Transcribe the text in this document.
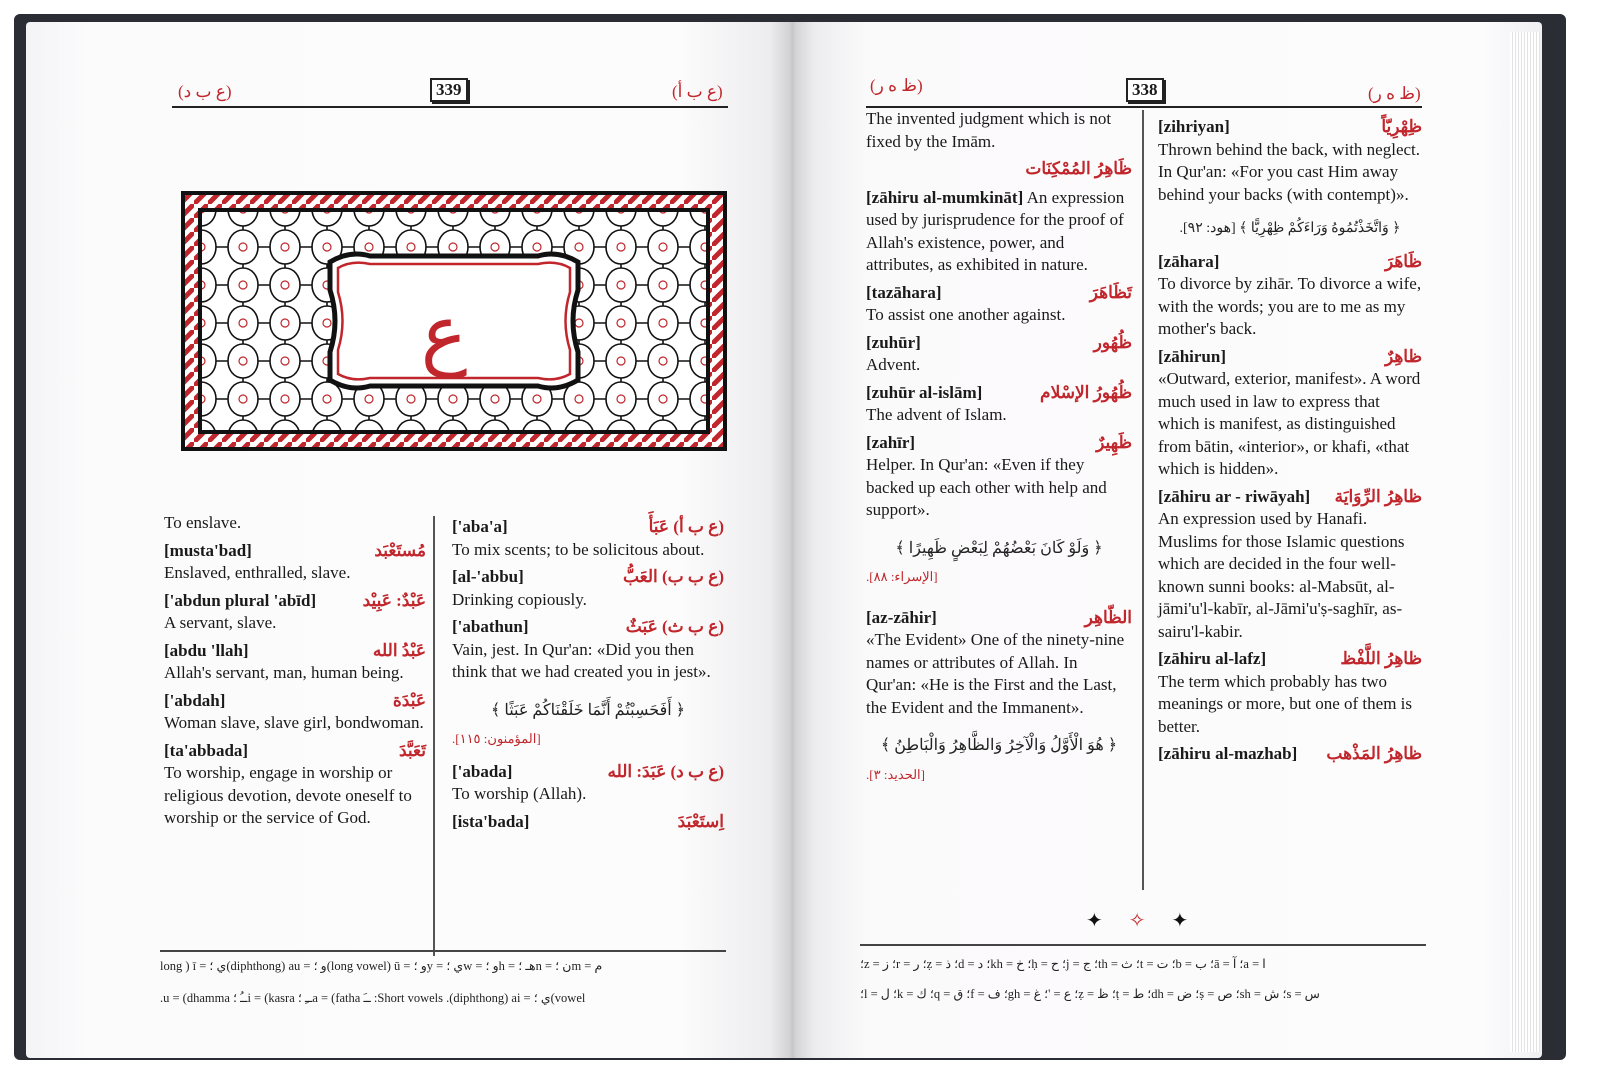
(ع ب د)	339	(ع ب أ)
ع

To enslave.

[musta'bad]	مُستَعْبَد

Enslaved, enthralled, slave.

['abdun plural 'abīd]	عَبْدٌ: عَبِيْد

A servant, slave.

[abdu 'llah]	عَبْدُ الله

Allah's servant, man, human being.

['abdah]	عَبْدَة

Woman slave, slave girl, bondwoman.

[ta'abbada]	تَعَبَّدَ

To worship, engage in worship or religious devotion, devote oneself to worship or the service of God.

['aba'a]	(ع ب أ) عَبَأَ

To mix scents; to be solicitous about.

[al-'abbu]	(ع ب ب) العَبُّ

Drinking copiously.

['abathun]	(ع ب ث) عَبَثٌ

Vain, jest. In Qur'an: «Did you then think that we had created you in jest».

﴿ أَفَحَسِبْتُمْ أَنَّمَا خَلَقْنَاكُمْ عَبَثًا ﴾
[المؤمنون: ١١٥].
['abada]	(ع ب د) عَبَدَ: الله

To worship (Allah).

[ista'bada]	اِستَعْبَدَ
long ) ī = ي ؛(diphthong) au = و ؛(long vowel) ū = و ؛y = ي ؛w = و ؛h = هـ ؛n = ن ؛m = م
.u = (dhamma ــُ ؛i = (kasra ــِ ؛a = (fatha ــَ :Short vowels .(diphthong) ai = ي ؛(vowel
(ظ ه ر)	338	(ظ ه ر)

The invented judgment which is not fixed by the Imām.

ظَاهِرُ المُمْكِنَات

[zāhiru al-mumkināt] An expression used by jurisprudence for the proof of Allah's existence, power, and attributes, as exhibited in nature.

[tazāhara]	تَظَاهَرَ

To assist one another against.

[zuhūr]	ظُهُور

Advent.

[zuhūr al-islām]	ظُهُورُ الإسْلام

The advent of Islam.

[zahīr]	ظَهِيرٌ

Helper. In Qur'an: «Even if they backed up each other with help and support».

﴿ وَلَوْ كَانَ بَعْضُهُمْ لِبَعْضٍ ظَهِيرًا ﴾
[الإسراء: ٨٨].
[az-zāhir]	الظّاهِر

«The Evident» One of the ninety-nine names or attributes of Allah. In Qur'an: «He is the First and the Last, the Evident and the Immanent».

﴿ هُوَ الْأَوَّلُ وَالْآخِرُ وَالظَّاهِرُ وَالْبَاطِنُ ﴾
[الحديد: ٣].
[zihriyan]	ظِهْرِيّاً

Thrown behind the back, with neglect. In Qur'an: «For you cast Him away behind your backs (with contempt)».

﴿ وَاتَّخَذْتُمُوهُ وَرَاءَكُمْ ظِهْرِيًّا ﴾ [هود: ٩٢].
[zāhara]	ظَاهَرَ

To divorce by zihār. To divorce a wife, with the words; you are to me as my mother's back.

[zāhirun]	ظاهِرٌ

«Outward, exterior, manifest». A word much used in law to express that which is manifest, as distinguished from bātin, «interior», or khafi, «that which is hidden».

[zāhiru ar - riwāyah] ظاهِرُ الرِّوَايَة

An expression used by Hanafi. Muslims for those Islamic questions which are decided in the four well-known sunni books: al-Mabsūt, al-jāmi'u'l-kabīr, al-Jāmi'u'ṣ-saghīr, as-sairu'l-kabir.

[zāhiru al-lafz]	ظاهِرُ اللَّفْظ

The term which probably has two meanings or more, but one of them is better.

[zāhiru al-mazhab] ظاهِرُ المَذْهب
✦✧✦
ا = a؛ آ = ā؛ ب = b؛ ت = t؛ ث = th؛ ج = j؛ ح = ḥ؛ خ = kh؛ د = d؛ ذ = ẓ؛ ر = r؛ ز = z؛
س = s؛ ش = sh؛ ص = ṣ؛ ض = dh؛ ط = ṭ؛ ظ = ẓ؛ ع = '؛ غ = gh؛ ف = f؛ ق = q؛ ك = k؛ ل = l؛
